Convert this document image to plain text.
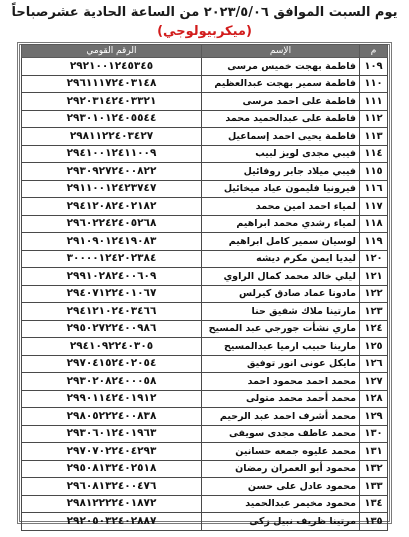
يوم السبت الموافق ٢٠٢٣/٥/٠٦ من الساعة الحادية عشرصباحاً
(ميكربيولوجي)
م	الإسم	الرقم القومي
١٠٩	فاطمة بهجت خميس مرسى	٢٩٢١٠٠١٢٤٥٣٤٥
١١٠	فاطمة سمير بهجت عبدالعظيم	٢٩٦١١١٧٢٤٠٣١٤٨
١١١	فاطمة على احمد مرسى	٢٩٢٠٣١٤٢٤٠٣٣٢١
١١٢	فاطمة على عبدالحميد محمد	٢٩٣٠١٠١٢٤٠٥٥٤٤
١١٣	فاطمة يحيى احمد إسماعيل	٢٩٨١١٢٢٤٠٣٤٢٧
١١٤	فيبي مجدى لويز لبيب	٢٩٤١٠٠١٢٤١١٠٠٩
١١٥	فيبي ميلاد جابر روفائيل	٢٩٣٠٩٢٧٢٤٠٠٨٢٢
١١٦	فيرونيا فليمون عياد ميخائيل	٢٩١١٠٠١٢٤٢٣٧٤٧
١١٧	لمياء احمد امين محمد	٢٩٤١٢٠٨٢٤٠٢١٨٢
١١٨	لمياء رشدي محمد ابراهيم	٢٩٦٠٢٢٤٢٤٠٥٢٦٨
١١٩	لوسيان سمير كامل ابراهيم	٢٩١٠٩٠١٢٤١٩٠٨٣
١٢٠	ليديا ايمن مكرم ديشه	٣٠٠٠٠١٢٤٢٠٢٣٨٤
١٢١	ليلي خالد محمد كمال الراوي	٢٩٩١٠٢٨٢٤٠٠٦٠٩
١٢٢	مادونا عماد صادق كيرلس	٢٩٤٠٧١٢٢٤٠١٠٦٧
١٢٣	مارتينا ملاك شفيق حنا	٢٩٤١٢١٠٢٤٠٣٤٦٦
١٢٤	ماري نشأت جورجي عبد المسيح	٢٩٥٠٢٧٢٢٤٠٠٩٨٦
١٢٥	مارينا حبيب ارميا عبدالمسيح	٢٩٤١٠٩٢٢٤٠٣٠٥
١٢٦	مايكل عونى انور توفيق	٢٩٧٠٤١٥٢٤٠٢٠٥٤
١٢٧	محمد احمد محمود احمد	٢٩٣٠٢٠٨٢٤٠٠٠٥٨
١٢٨	محمد أحمد محمد متولى	٢٩٩٠١١٤٢٤٠١٩١٢
١٢٩	محمد أشرف احمد عبد الرحيم	٢٩٨٠٥٢٢٢٤٠٠٨٣٨
١٣٠	محمد عاطف مجدى سويفى	٢٩٣٠٦٠١٢٤٠١٩٦٣
١٣١	محمد عليوه جمعه حسانين	٢٩٧٠٧٠٢٢٤٠٤٢٩٣
١٣٢	محمود أبو العمران رمضان	٢٩٥٠٨١٣٢٤٠٢٥١٨
١٣٣	محمود عادل على حسن	٢٩٦٠٨١٣٢٤٠٠٤٧٦
١٣٤	محمود مخيمر عبدالحميد	٢٩٨١٢٢٢٢٤٠١٨٧٢
١٣٥	مرتينا ظريف نبيل زكى	٢٩٢٠٥٠٣٢٤٠٢٨٨٧
